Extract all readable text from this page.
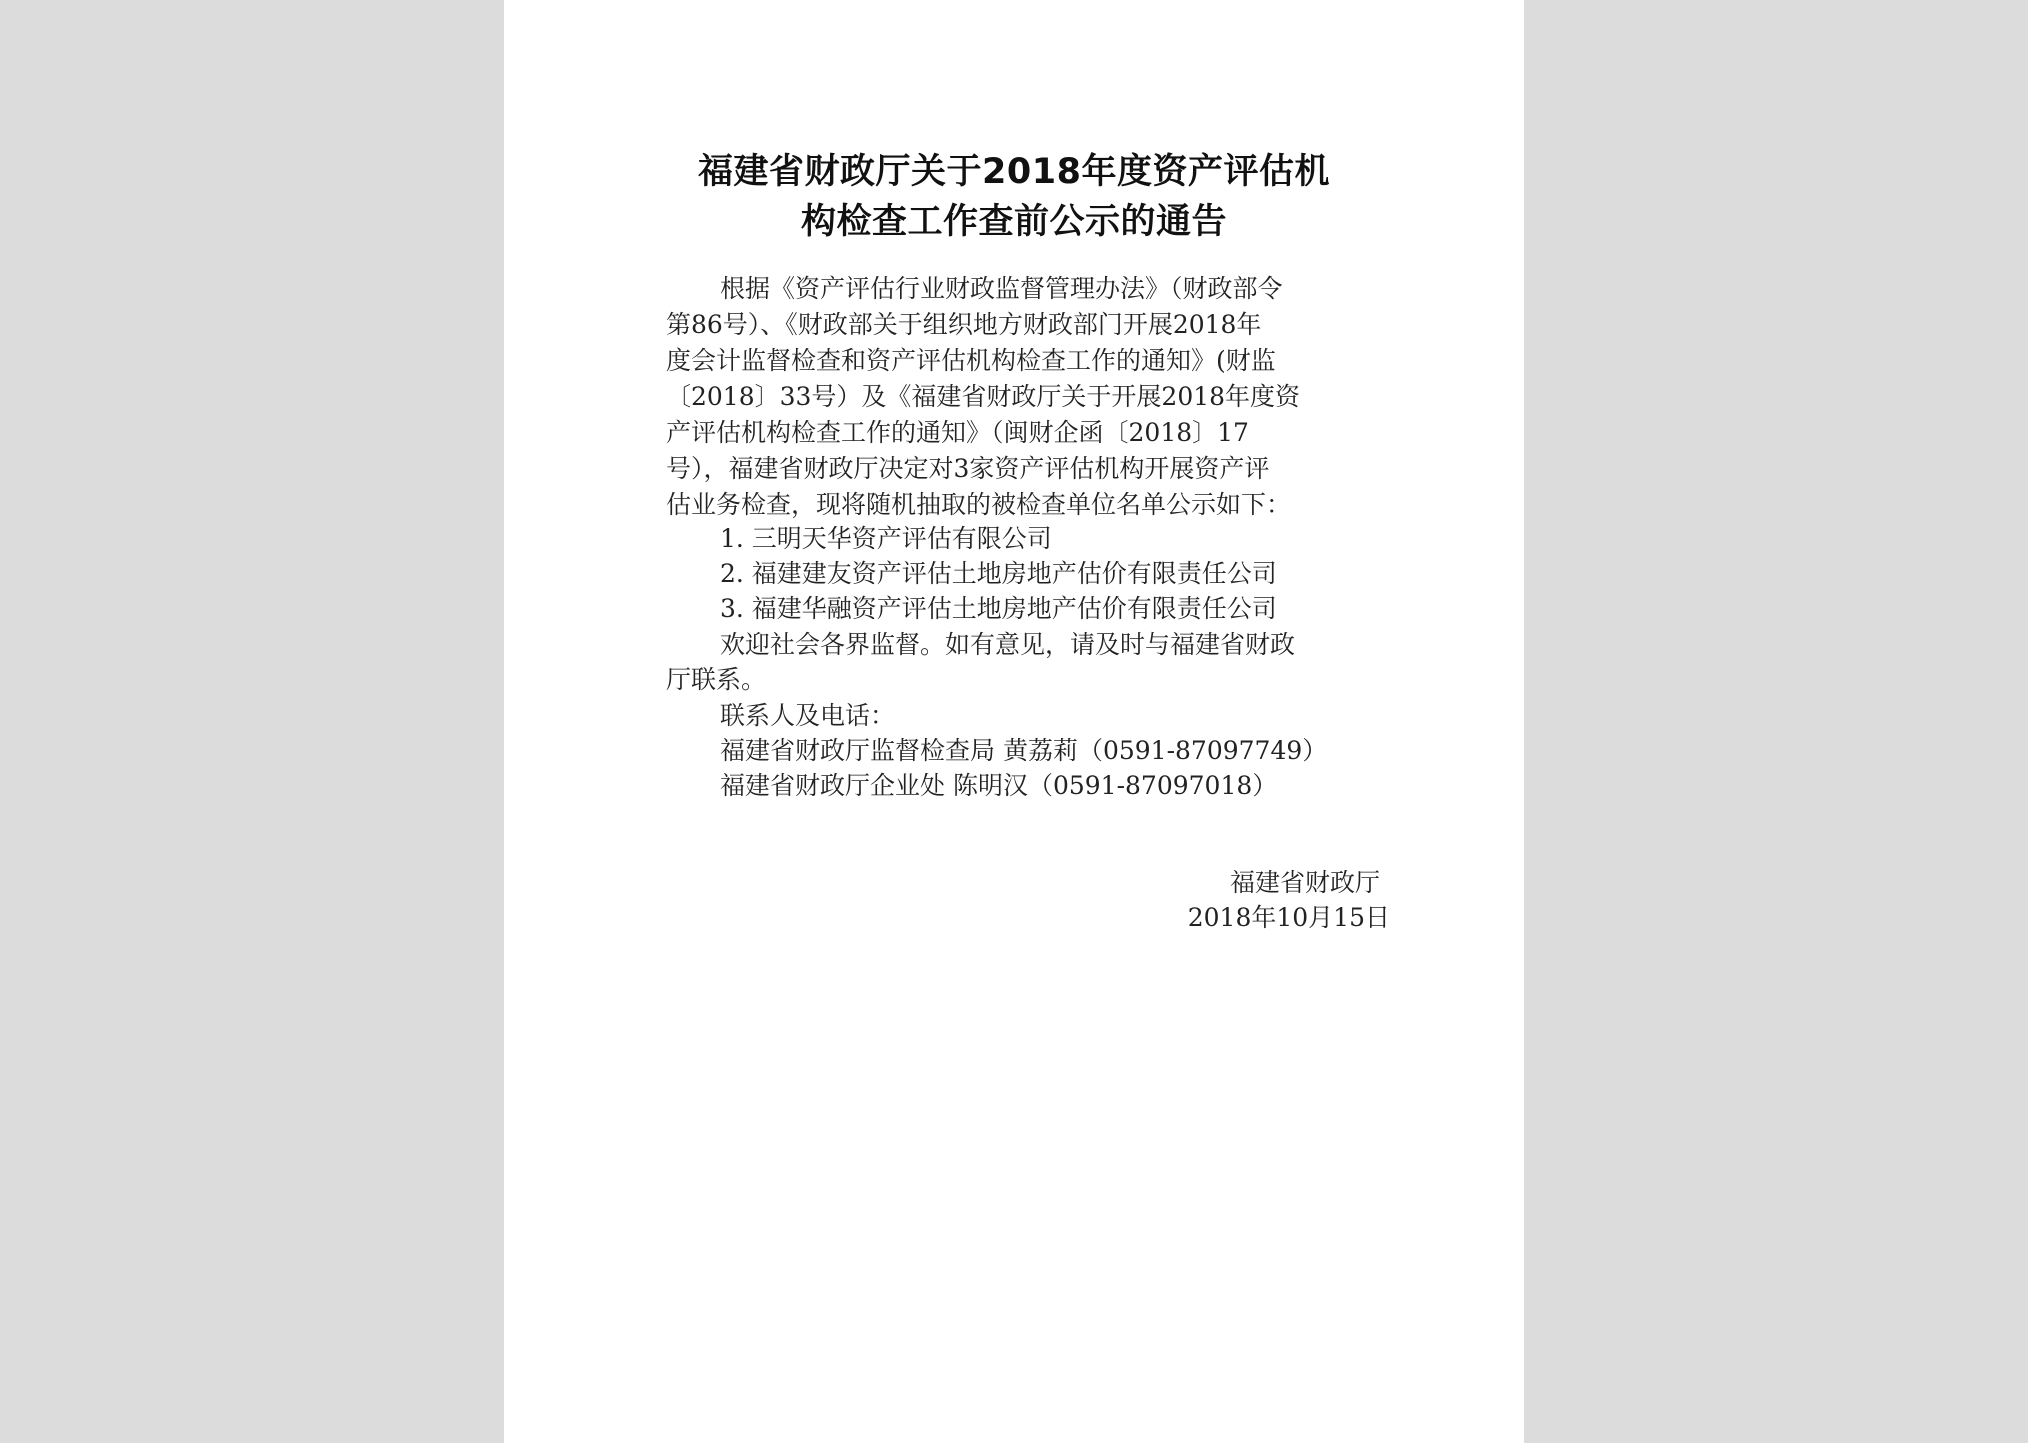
福建省财政厅关于2018年度资产评估机
构检查工作查前公示的通告
根据《资产评估行业财政监督管理办法》（财政部令
第86号）、《财政部关于组织地方财政部门开展2018年
度会计监督检查和资产评估机构检查工作的通知》(财监
〔2018〕33号）及《福建省财政厅关于开展2018年度资
产评估机构检查工作的通知》（闽财企函〔2018〕17
号），福建省财政厅决定对3家资产评估机构开展资产评
估业务检查，现将随机抽取的被检查单位名单公示如下：
1. 三明天华资产评估有限公司
2. 福建建友资产评估土地房地产估价有限责任公司
3. 福建华融资产评估土地房地产估价有限责任公司
欢迎社会各界监督。如有意见，请及时与福建省财政
厅联系。
联系人及电话：
福建省财政厅监督检查局 黄荔莉（0591-87097749）
福建省财政厅企业处 陈明汉（0591-87097018）
福建省财政厅
2018年10月15日
